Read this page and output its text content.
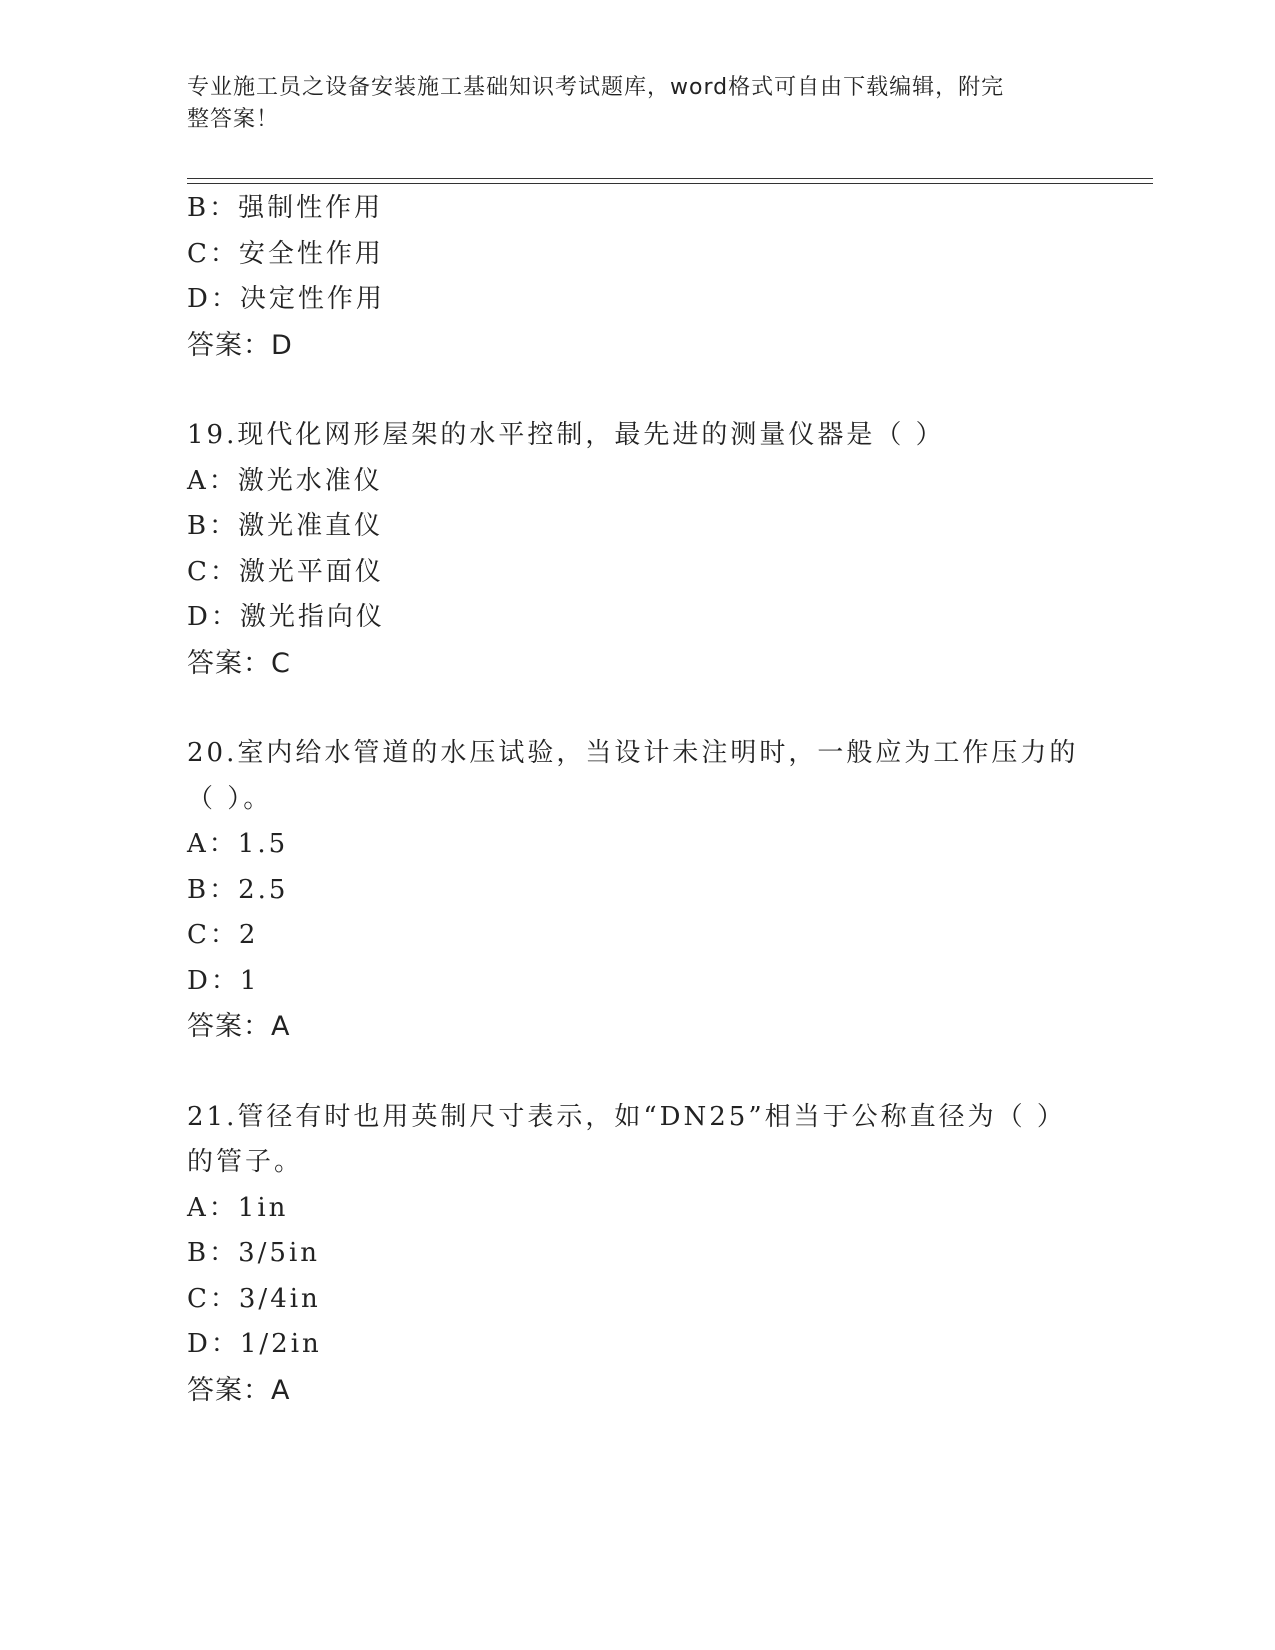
专业施工员之设备安装施工基础知识考试题库，word格式可自由下载编辑，附完
整答案！
B：强制性作用
C：安全性作用
D：决定性作用
答案：D
19.现代化网形屋架的水平控制，最先进的测量仪器是（ ）
A：激光水准仪
B：激光准直仪
C：激光平面仪
D：激光指向仪
答案：C
20.室内给水管道的水压试验，当设计未注明时，一般应为工作压力的
（ ）。
A：1.5
B：2.5
C：2
D：1
答案：A
21.管径有时也用英制尺寸表示，如“DN25”相当于公称直径为（ ）
的管子。
A：1in
B：3/5in
C：3/4in
D：1/2in
答案：A
